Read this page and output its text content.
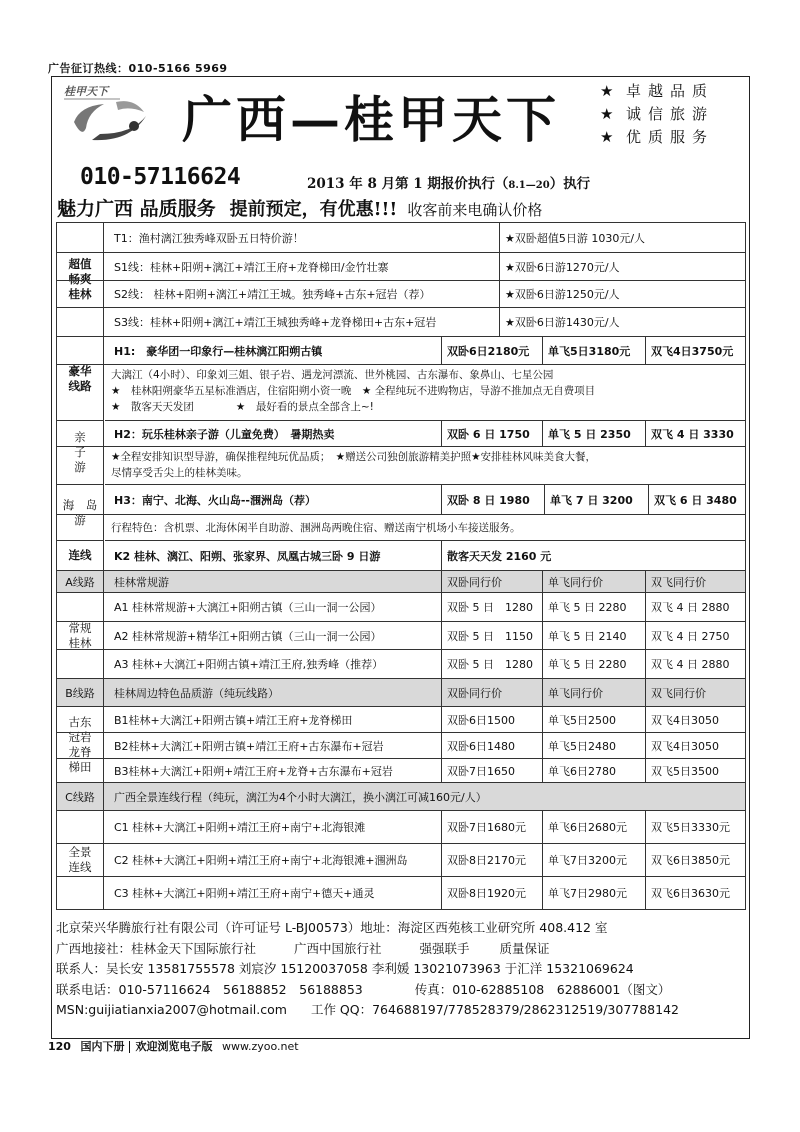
广告征订热线：010-5166 5969
桂甲天下 广西—桂甲天下	★ 卓越品质
★ 诚信旅游
★ 优质服务
010-57116624	2013 年 8 月第 1 期报价执行（8.1—20）执行
魅力广西 品质服务 提前预定，有优惠!!! 收客前来电确认价格
超值
畅爽
桂林
T1：渔村漓江独秀峰双卧五日特价游！	★双卧超值5日游 1030元/人
S1线：桂林+阳朔+漓江+靖江王府+龙脊梯田/金竹壮寨	★双卧6日游1270元/人
S2线： 桂林+阳朔+漓江+靖江王城。独秀峰+古东+冠岩（荐）	★双卧6日游1250元/人
S3线：桂林+阳朔+漓江+靖江王城独秀峰+龙脊梯田+古东+冠岩	★双卧6日游1430元/人
豪华
线路
H1:　豪华团一印象行—桂林漓江阳朔古镇	双卧6日2180元	单飞5日3180元	双飞4日3750元
大漓江（4小时）、印象刘三姐、银子岩、遇龙河漂流、世外桃园、古东瀑布、象鼻山、七星公园
★　桂林阳朔豪华五星标准酒店，住宿阳朔小资一晚　★ 全程纯玩不进购物店，导游不推加点无自费项目
★　散客天天发团　　　　★　最好看的景点全部含上~!
亲
子
游
H2：玩乐桂林亲子游（儿童免费）　暑期热卖	双卧 6 日 1750	单飞 5 日 2350	双飞 4 日 3330
★全程安排知识型导游，确保推程纯玩优品质；　★赠送公司独创旅游精美护照★安排桂林风味美食大餐，
尽情享受舌尖上的桂林美味。
海　岛
游
H3：南宁、北海、火山岛--涠洲岛（荐）	双卧 8 日 1980	单飞 7 日 3200	双飞 6 日 3480
行程特色：含机票、北海休闲半自助游、涠洲岛两晚住宿、赠送南宁机场小车接送服务。
连线	K2 桂林、漓江、阳朔、张家界、凤凰古城三卧 9 日游	散客天天发 2160 元
A线路	桂林常规游	双卧同行价	单飞同行价	双飞同行价
常规
桂林
A1 桂林常规游+大漓江+阳朔古镇（三山一洞一公园）	双卧 5 日　1280	单飞 5 日 2280	双飞 4 日 2880
A2 桂林常规游+精华江+阳朔古镇（三山一洞一公园）	双卧 5 日　1150	单飞 5 日 2140	双飞 4 日 2750
A3 桂林+大漓江+阳朔古镇+靖江王府,独秀峰（推荐）	双卧 5 日　1280	单飞 5 日 2280	双飞 4 日 2880
B线路	桂林周边特色品质游（纯玩线路）	双卧同行价	单飞同行价	双飞同行价
古东
冠岩
龙脊
梯田
B1桂林+大漓江+阳朔古镇+靖江王府+龙脊梯田	双卧6日1500	单飞5日2500	双飞4日3050
B2桂林+大漓江+阳朔古镇+靖江王府+古东瀑布+冠岩	双卧6日1480	单飞5日2480	双飞4日3050
B3桂林+大漓江+阳朔+靖江王府+龙脊+古东瀑布+冠岩	双卧7日1650	单飞6日2780	双飞5日3500
C线路	广西全景连线行程（纯玩，漓江为4个小时大漓江，换小漓江可减160元/人）
全景
连线
C1 桂林+大漓江+阳朔+靖江王府+南宁+北海银滩	双卧7日1680元	单飞6日2680元	双飞5日3330元
C2 桂林+大漓江+阳朔+靖江王府+南宁+北海银滩+涠洲岛	双卧8日2170元	单飞7日3200元	双飞6日3850元
C3 桂林+大漓江+阳朔+靖江王府+南宁+德天+通灵	双卧8日1920元	单飞7日2980元	双飞6日3630元
北京荣兴华腾旅行社有限公司（许可证号 L-BJ00573）地址：海淀区西苑核工业研究所 408.412 室
广西地接社：桂林金天下国际旅行社	广西中国旅行社	强强联手 质量保证
联系人：吴长安 13581755578 刘宸汐 15120037058 李利媛 13021073963 于汇洋 15321069624
联系电话：010-57116624　56188852　56188853	传真：010-62885108　62886001（图文）
MSN:guijiatianxia2007@hotmail.com 工作 QQ：764688197/778528379/2862312519/307788142
120 国内下册 欢迎浏览电子版 www.zyoo.net
